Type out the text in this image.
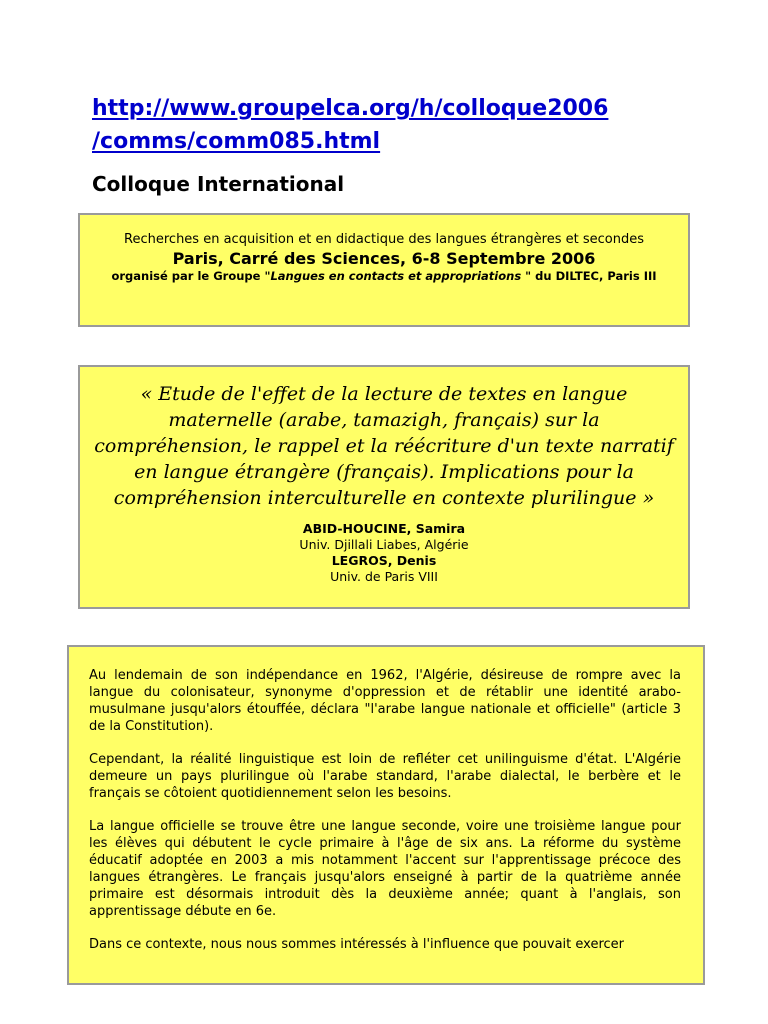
http://www.groupelca.org/h/colloque2006
/comms/comm085.html
Colloque International
Recherches en acquisition et en didactique des langues étrangères et secondes
Paris, Carré des Sciences, 6-8 Septembre 2006
organisé par le Groupe "Langues en contacts et appropriations " du DILTEC, Paris III

« Etude de l'effet de la lecture de textes en langue maternelle (arabe, tamazigh, français) sur la compréhension, le rappel et la réécriture d'un texte narratif en langue étrangère (français). Implications pour la compréhension interculturelle en contexte plurilingue »

ABID-HOUCINE, Samira
Univ. Djillali Liabes, Algérie
LEGROS, Denis
Univ. de Paris VIII

Au lendemain de son indépendance en 1962, l'Algérie, désireuse de rompre avec la langue du colonisateur, synonyme d'oppression et de rétablir une identité arabo-musulmane jusqu'alors étouffée, déclara "l'arabe langue nationale et officielle" (article 3 de la Constitution).

Cependant, la réalité linguistique est loin de refléter cet unilinguisme d'état. L'Algérie demeure un pays plurilingue où l'arabe standard, l'arabe dialectal, le berbère et le français se côtoient quotidiennement selon les besoins.

La langue officielle se trouve être une langue seconde, voire une troisième langue pour les élèves qui débutent le cycle primaire à l'âge de six ans. La réforme du système éducatif adoptée en 2003 a mis notamment l'accent sur l'apprentissage précoce des langues étrangères. Le français jusqu'alors enseigné à partir de la quatrième année primaire est désormais introduit dès la deuxième année; quant à l'anglais, son apprentissage débute en 6e.

Dans ce contexte, nous nous sommes intéressés à l'influence que pouvait exercer
